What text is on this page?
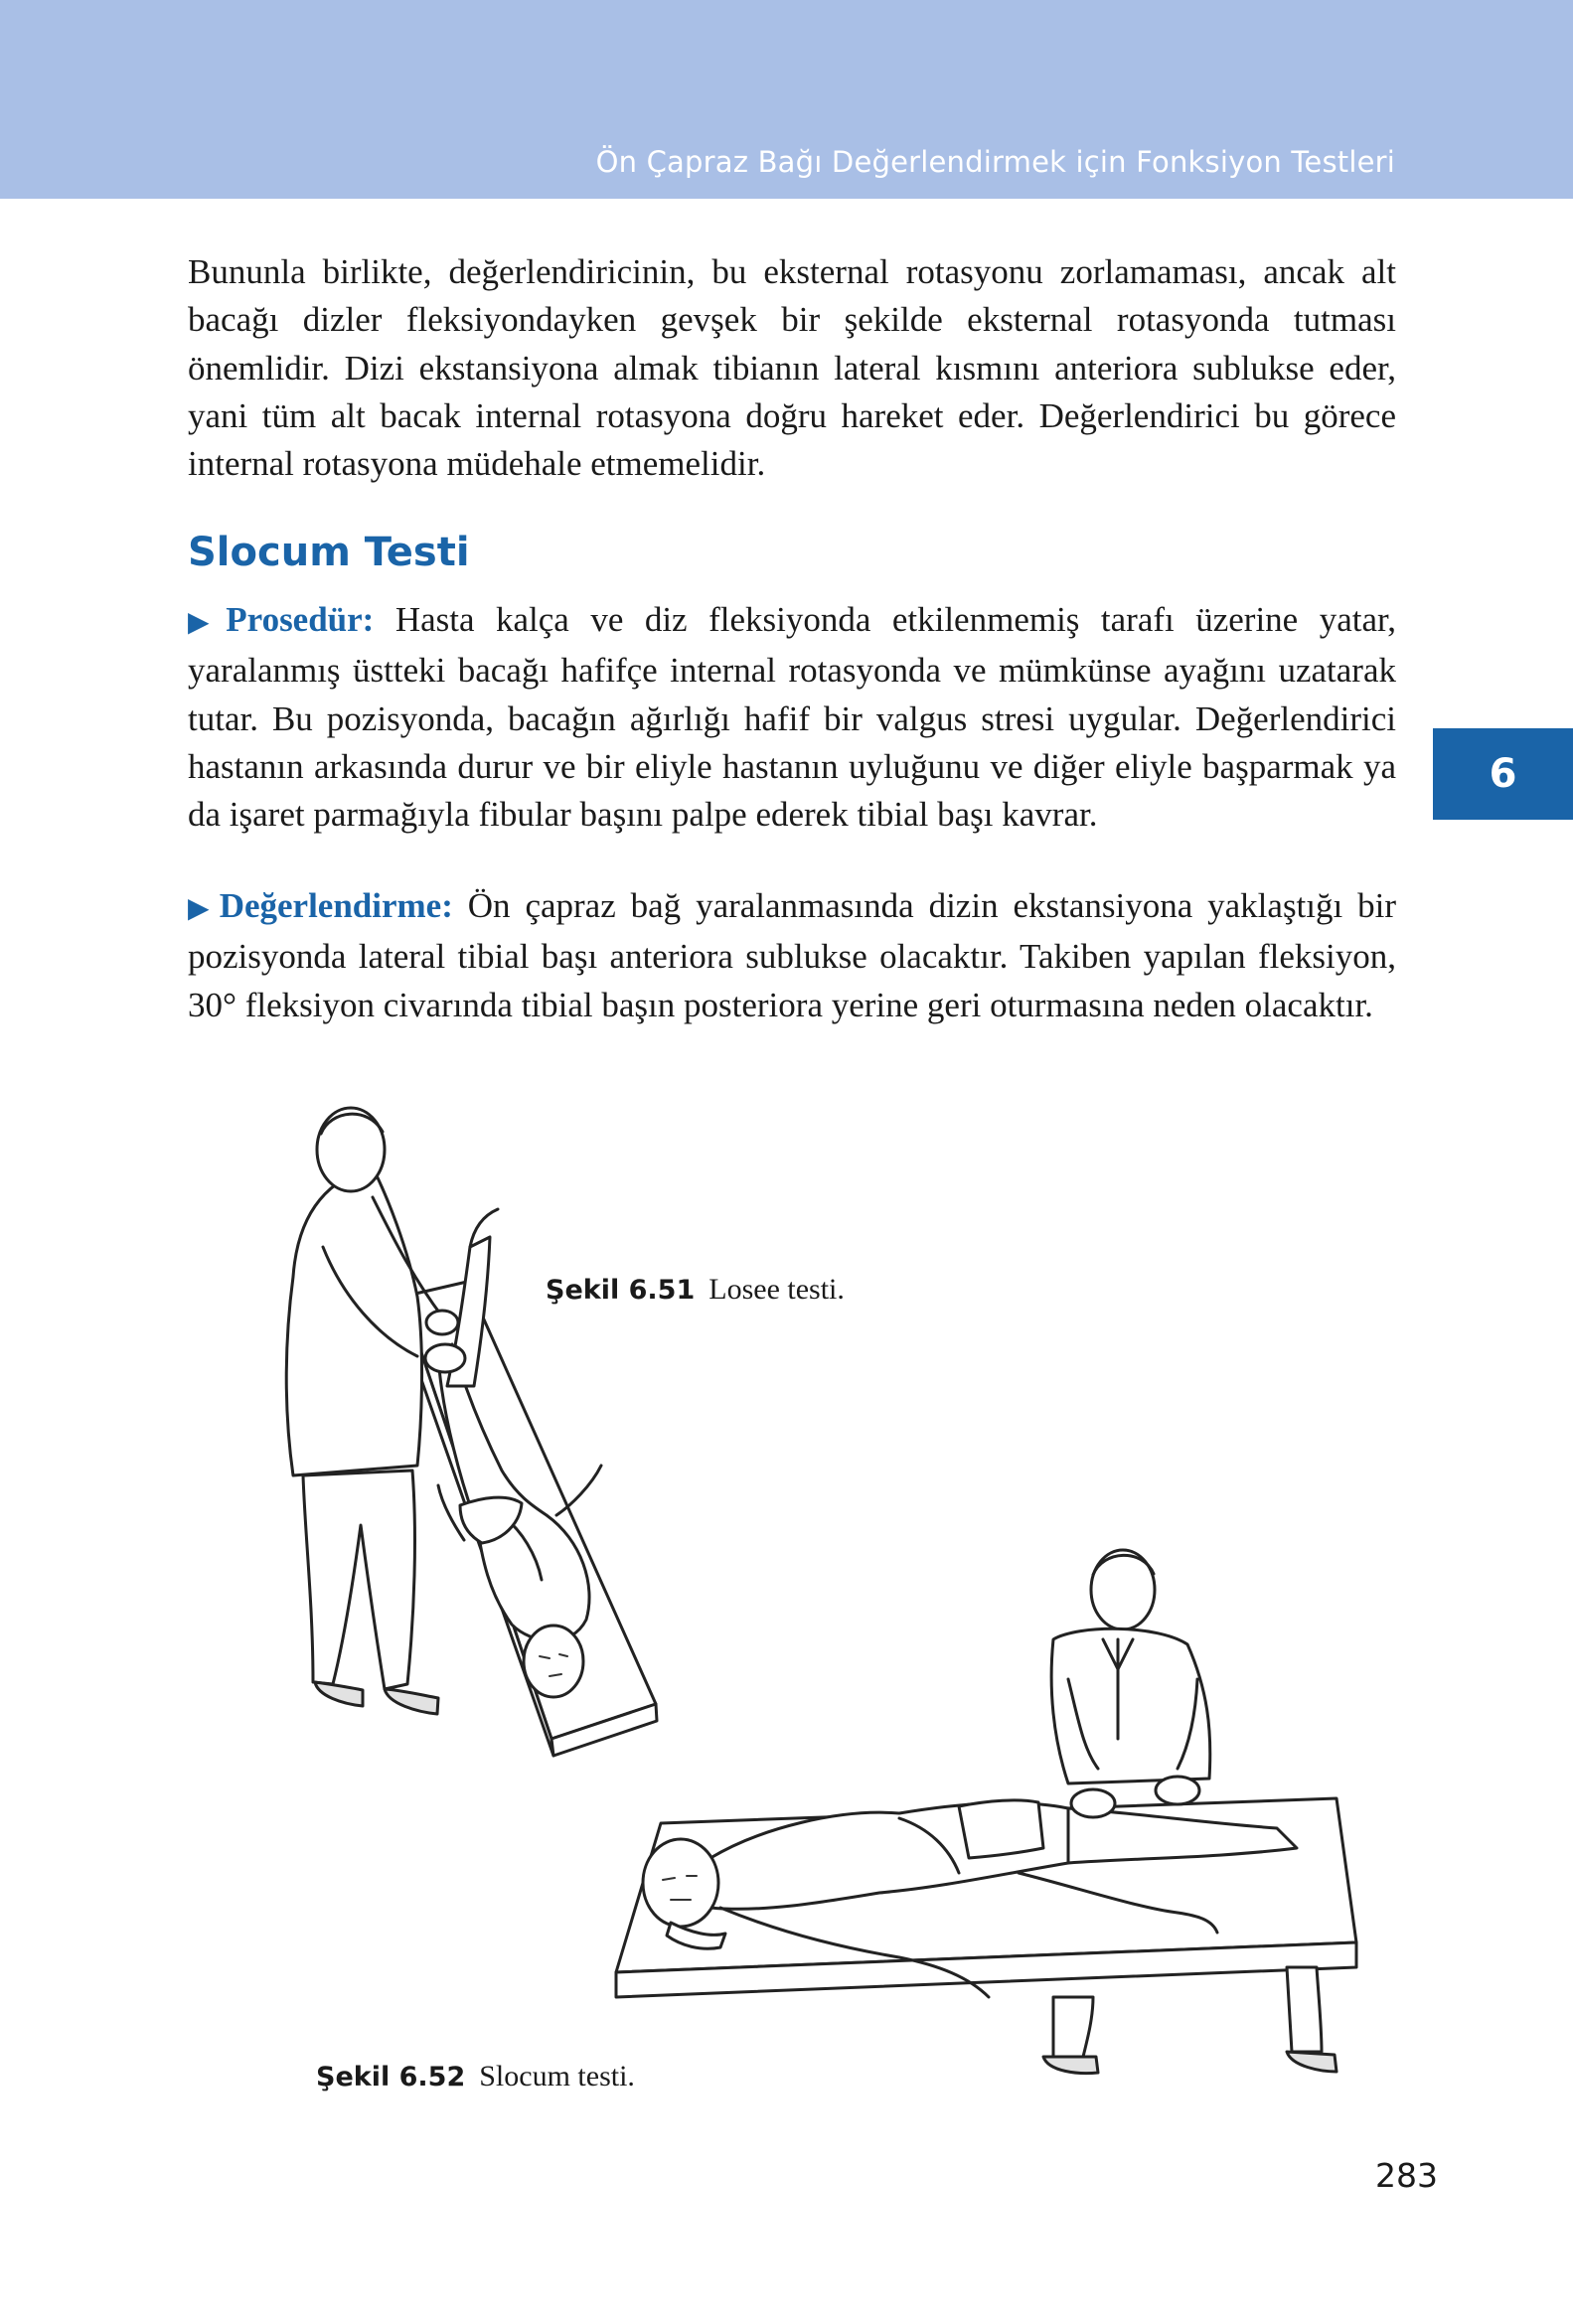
Ön Çapraz Bağı Değerlendirmek için Fonksiyon Testleri

Bununla birlikte, değerlendiricinin, bu eksternal rotasyonu zorlamaması, ancak alt bacağı dizler fleksiyondayken gevşek bir şekilde eksternal rotasyonda tutması önemlidir. Dizi ekstansiyona almak tibianın lateral kısmını anteriora sublukse eder, yani tüm alt bacak internal rotasyona doğru hareket eder. Değerlendirici bu görece internal rotasyona müdehale etmemelidir.

Slocum Testi

▶ Prosedür: Hasta kalça ve diz fleksiyonda etkilenmemiş tarafı üzerine yatar, yaralanmış üstteki bacağı hafifçe internal rotasyonda ve mümkünse ayağını uzatarak tutar. Bu pozisyonda, bacağın ağırlığı hafif bir valgus stresi uygular. Değerlendirici hastanın arkasında durur ve bir eliyle hastanın uyluğunu ve diğer eliyle başparmak ya da işaret parmağıyla fibular başını palpe ederek tibial başı kavrar.

▶ Değerlendirme: Ön çapraz bağ yaralanmasında dizin ekstansiyona yaklaştığı bir pozisyonda lateral tibial başı anteriora sublukse olacaktır. Takiben yapılan fleksiyon, 30° fleksiyon civarında tibial başın posteriora yerine geri oturmasına neden olacaktır.

6
Şekil 6.51 Losee testi.
Şekil 6.52 Slocum testi.
283
